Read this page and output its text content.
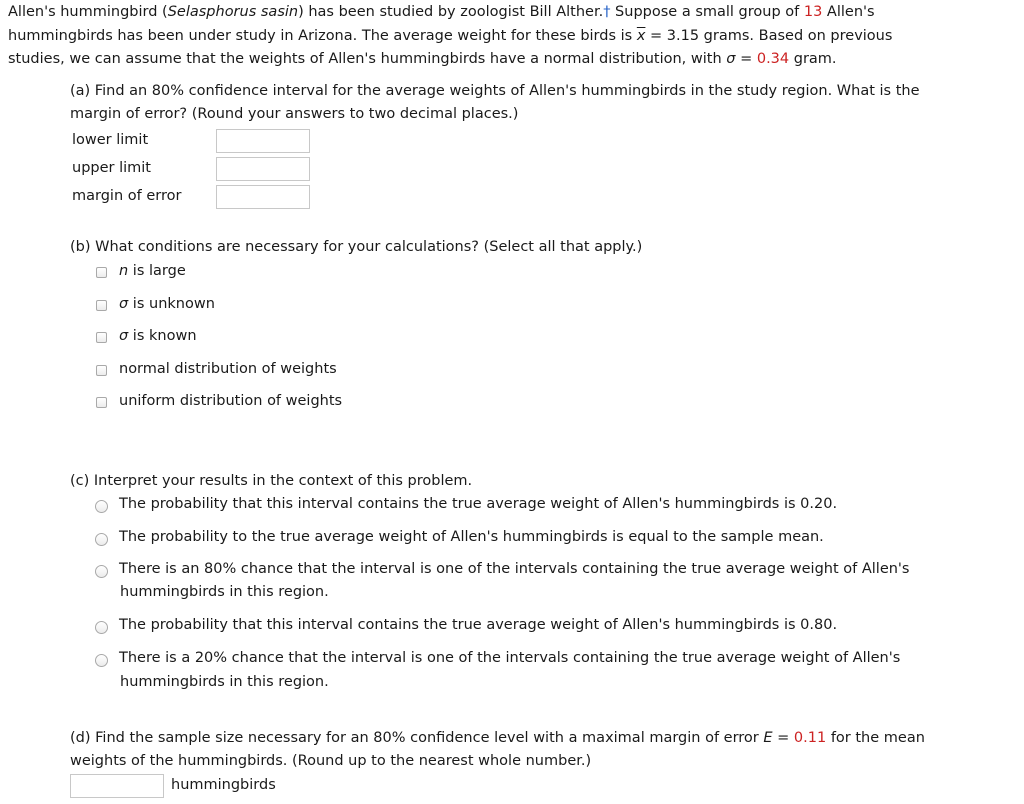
Allen's hummingbird (Selasphorus sasin) has been studied by zoologist Bill Alther.† Suppose a small group of 13 Allen's
hummingbirds has been under study in Arizona. The average weight for these birds is $\overline{x} = 3.15$ grams. Based on previous
studies, we can assume that the weights of Allen's hummingbirds have a normal distribution, with σ = 0.34 gram.
(a) Find an 80% confidence interval for the average weights of Allen's hummingbirds in the study region. What is the
margin of error? (Round your answers to two decimal places.)
lower limit
upper limit
margin of error
(b) What conditions are necessary for your calculations? (Select all that apply.)
n is large
σ is unknown
σ is known
normal distribution of weights
uniform distribution of weights
(c) Interpret your results in the context of this problem.
The probability that this interval contains the true average weight of Allen's hummingbirds is 0.20.
The probability to the true average weight of Allen's hummingbirds is equal to the sample mean.
There is an 80% chance that the interval is one of the intervals containing the true average weight of Allen's
hummingbirds in this region.
The probability that this interval contains the true average weight of Allen's hummingbirds is 0.80.
There is a 20% chance that the interval is one of the intervals containing the true average weight of Allen's
hummingbirds in this region.
(d) Find the sample size necessary for an 80% confidence level with a maximal margin of error E = 0.11 for the mean
weights of the hummingbirds. (Round up to the nearest whole number.)
hummingbirds
